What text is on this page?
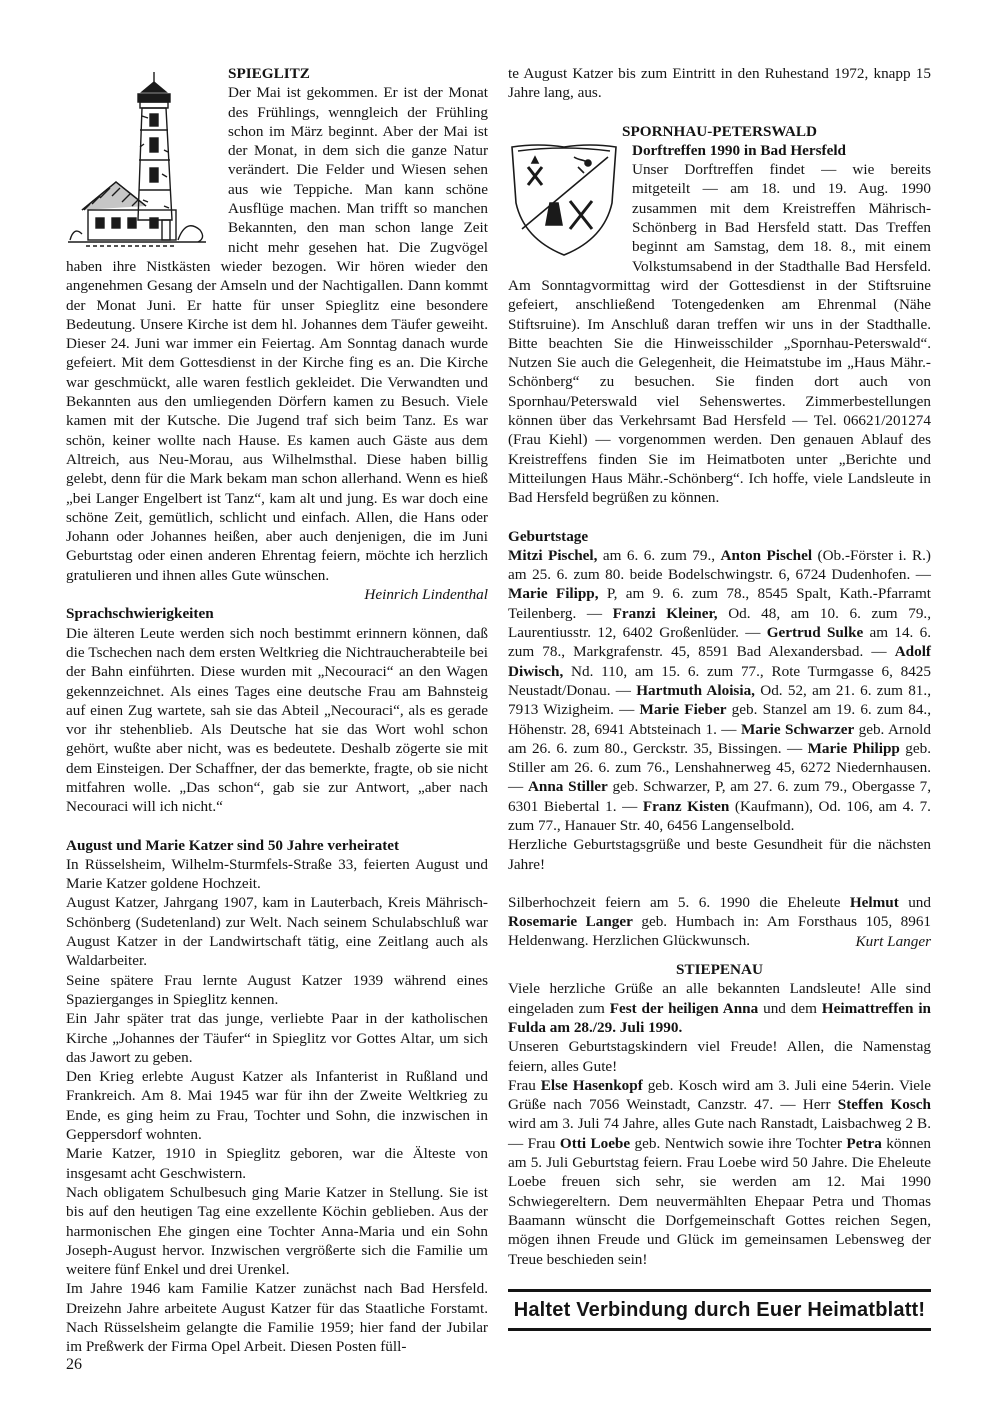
SPIEGLITZ

Der Mai ist gekommen. Er ist der Monat des Frühlings, wenngleich der Frühling schon im März beginnt. Aber der Mai ist der Monat, in dem sich die ganze Natur verändert. Die Felder und Wiesen sehen aus wie Teppiche. Man kann schöne Ausflüge machen. Man trifft so manchen Bekannten, den man schon lange Zeit nicht mehr gesehen hat. Die Zugvögel haben ihre Nistkästen wieder bezogen. Wir hören wieder den angenehmen Gesang der Amseln und der Nachtigallen. Dann kommt der Monat Juni. Er hatte für unser Spieglitz eine besondere Bedeutung. Unsere Kirche ist dem hl. Johannes dem Täufer geweiht. Dieser 24. Juni war immer ein Feiertag. Am Sonntag danach wurde gefeiert. Mit dem Gottesdienst in der Kirche fing es an. Die Kirche war geschmückt, alle waren festlich gekleidet. Die Verwandten und Bekannten aus den umliegenden Dörfern kamen zu Besuch. Viele kamen mit der Kutsche. Die Jugend traf sich beim Tanz. Es war schön, keiner wollte nach Hause. Es kamen auch Gäste aus dem Altreich, aus Neu-Morau, aus Wilhelmsthal. Diese haben billig gelebt, denn für die Mark bekam man schon allerhand. Wenn es hieß „bei Langer Engelbert ist Tanz“, kam alt und jung. Es war doch eine schöne Zeit, gemütlich, schlicht und einfach. Allen, die Hans oder Johann oder Johannes heißen, aber auch denjenigen, die im Juni Geburtstag oder einen anderen Ehrentag feiern, möchte ich herzlich gratulieren und ihnen alles Gute wünschen.

Heinrich Lindenthal

Sprachschwierigkeiten

Die älteren Leute werden sich noch bestimmt erinnern können, daß die Tschechen nach dem ersten Weltkrieg die Nichtraucherabteile bei der Bahn einführten. Diese wurden mit „Necouraci“ an den Wagen gekennzeichnet. Als eines Tages eine deutsche Frau am Bahnsteig auf einen Zug wartete, sah sie das Abteil „Necouraci“, als es gerade vor ihr stehenblieb. Als Deutsche hat sie das Wort wohl schon gehört, wußte aber nicht, was es bedeutete. Deshalb zögerte sie mit dem Einsteigen. Der Schaffner, der das bemerkte, fragte, ob sie nicht mitfahren wolle. „Das schon“, gab sie zur Antwort, „aber nach Necouraci will ich nicht.“

August und Marie Katzer sind 50 Jahre verheiratet

In Rüsselsheim, Wilhelm-Sturmfels-Straße 33, feierten August und Marie Katzer goldene Hochzeit.

August Katzer, Jahrgang 1907, kam in Lauterbach, Kreis Mährisch-Schönberg (Sudetenland) zur Welt. Nach seinem Schulabschluß war August Katzer in der Landwirtschaft tätig, eine Zeitlang auch als Waldarbeiter.

Seine spätere Frau lernte August Katzer 1939 während eines Spazierganges in Spieglitz kennen.

Ein Jahr später trat das junge, verliebte Paar in der katholischen Kirche „Johannes der Täufer“ in Spieglitz vor Gottes Altar, um sich das Jawort zu geben.

Den Krieg erlebte August Katzer als Infanterist in Rußland und Frankreich. Am 8. Mai 1945 war für ihn der Zweite Weltkrieg zu Ende, es ging heim zu Frau, Tochter und Sohn, die inzwischen in Geppersdorf wohnten.

Marie Katzer, 1910 in Spieglitz geboren, war die Älteste von insgesamt acht Geschwistern.

Nach obligatem Schulbesuch ging Marie Katzer in Stellung. Sie ist bis auf den heutigen Tag eine exzellente Köchin geblieben. Aus der harmonischen Ehe gingen eine Tochter Anna-Maria und ein Sohn Joseph-August hervor. Inzwischen vergrößerte sich die Familie um weitere fünf Enkel und drei Urenkel.

Im Jahre 1946 kam Familie Katzer zunächst nach Bad Hersfeld. Dreizehn Jahre arbeitete August Katzer für das Staatliche Forstamt. Nach Rüsselsheim gelangte die Familie 1959; hier fand der Jubilar im Preßwerk der Firma Opel Arbeit. Diesen Posten füll-

te August Katzer bis zum Eintritt in den Ruhestand 1972, knapp 15 Jahre lang, aus.

SPORNHAU-PETERSWALD

Dorftreffen 1990 in Bad Hersfeld

Unser Dorftreffen findet — wie bereits mitgeteilt — am 18. und 19. Aug. 1990 zusammen mit dem Kreistreffen Mährisch-Schönberg in Bad Hersfeld statt. Das Treffen beginnt am Samstag, dem 18. 8., mit einem Volkstumsabend in der Stadthalle Bad Hersfeld. Am Sonntagvormittag wird der Gottesdienst in der Stiftsruine gefeiert, anschließend Totengedenken am Ehrenmal (Nähe Stiftsruine). Im Anschluß daran treffen wir uns in der Stadthalle. Bitte beachten Sie die Hinweisschilder „Spornhau-Peterswald“. Nutzen Sie auch die Gelegenheit, die Heimatstube im „Haus Mähr.-Schönberg“ zu besuchen. Sie finden dort auch von Spornhau/Peterswald viel Sehenswertes. Zimmerbestellungen können über das Verkehrsamt Bad Hersfeld — Tel. 06621/201274 (Frau Kiehl) — vorgenommen werden. Den genauen Ablauf des Kreistreffens finden Sie im Heimatboten unter „Berichte und Mitteilungen Haus Mähr.-Schönberg“. Ich hoffe, viele Landsleute in Bad Hersfeld begrüßen zu können.

Geburtstage

Mitzi Pischel, am 6. 6. zum 79., Anton Pischel (Ob.-Förster i. R.) am 25. 6. zum 80. beide Bodelschwingstr. 6, 6724 Dudenhofen. — Marie Filipp, P, am 9. 6. zum 78., 8545 Spalt, Kath.-Pfarramt Teilenberg. — Franzi Kleiner, Od. 48, am 10. 6. zum 79., Laurentiusstr. 12, 6402 Großenlüder. — Gertrud Sulke am 14. 6. zum 78., Markgrafenstr. 45, 8591 Bad Alexandersbad. — Adolf Diwisch, Nd. 110, am 15. 6. zum 77., Rote Turmgasse 6, 8425 Neustadt/Donau. — Hartmuth Aloisia, Od. 52, am 21. 6. zum 81., 7913 Wizigheim. — Marie Fieber geb. Stanzel am 19. 6. zum 84., Höhenstr. 28, 6941 Abtsteinach 1. — Marie Schwarzer geb. Arnold am 26. 6. zum 80., Gerckstr. 35, Bissingen. — Marie Philipp geb. Stiller am 26. 6. zum 76., Lenshahnerweg 45, 6272 Niedernhausen. — Anna Stiller geb. Schwarzer, P, am 27. 6. zum 79., Obergasse 7, 6301 Biebertal 1. — Franz Kisten (Kaufmann), Od. 106, am 4. 7. zum 77., Hanauer Str. 40, 6456 Langenselbold.

Herzliche Geburtstagsgrüße und beste Gesundheit für die nächsten Jahre!

Silberhochzeit feiern am 5. 6. 1990 die Eheleute Helmut und Rosemarie Langer geb. Humbach in: Am Forsthaus 105, 8961 Heldenwang. Herzlichen Glückwunsch.	Kurt Langer

STIEPENAU

Viele herzliche Grüße an alle bekannten Landsleute! Alle sind eingeladen zum Fest der heiligen Anna und dem Heimattreffen in Fulda am 28./29. Juli 1990.

Unseren Geburtstagskindern viel Freude! Allen, die Namenstag feiern, alles Gute!

Frau Else Hasenkopf geb. Kosch wird am 3. Juli eine 54erin. Viele Grüße nach 7056 Weinstadt, Canzstr. 47. — Herr Steffen Kosch wird am 3. Juli 74 Jahre, alles Gute nach Ranstadt, Laisbachweg 2 B. — Frau Otti Loebe geb. Nentwich sowie ihre Tochter Petra können am 5. Juli Geburtstag feiern. Frau Loebe wird 50 Jahre. Die Eheleute Loebe freuen sich sehr, sie werden am 12. Mai 1990 Schwiegereltern. Dem neuvermählten Ehepaar Petra und Thomas Baamann wünscht die Dorfgemeinschaft Gottes reichen Segen, mögen ihnen Freude und Glück im gemeinsamen Lebensweg der Treue beschieden sein!

Haltet Verbindung durch Euer Heimatblatt!
26
